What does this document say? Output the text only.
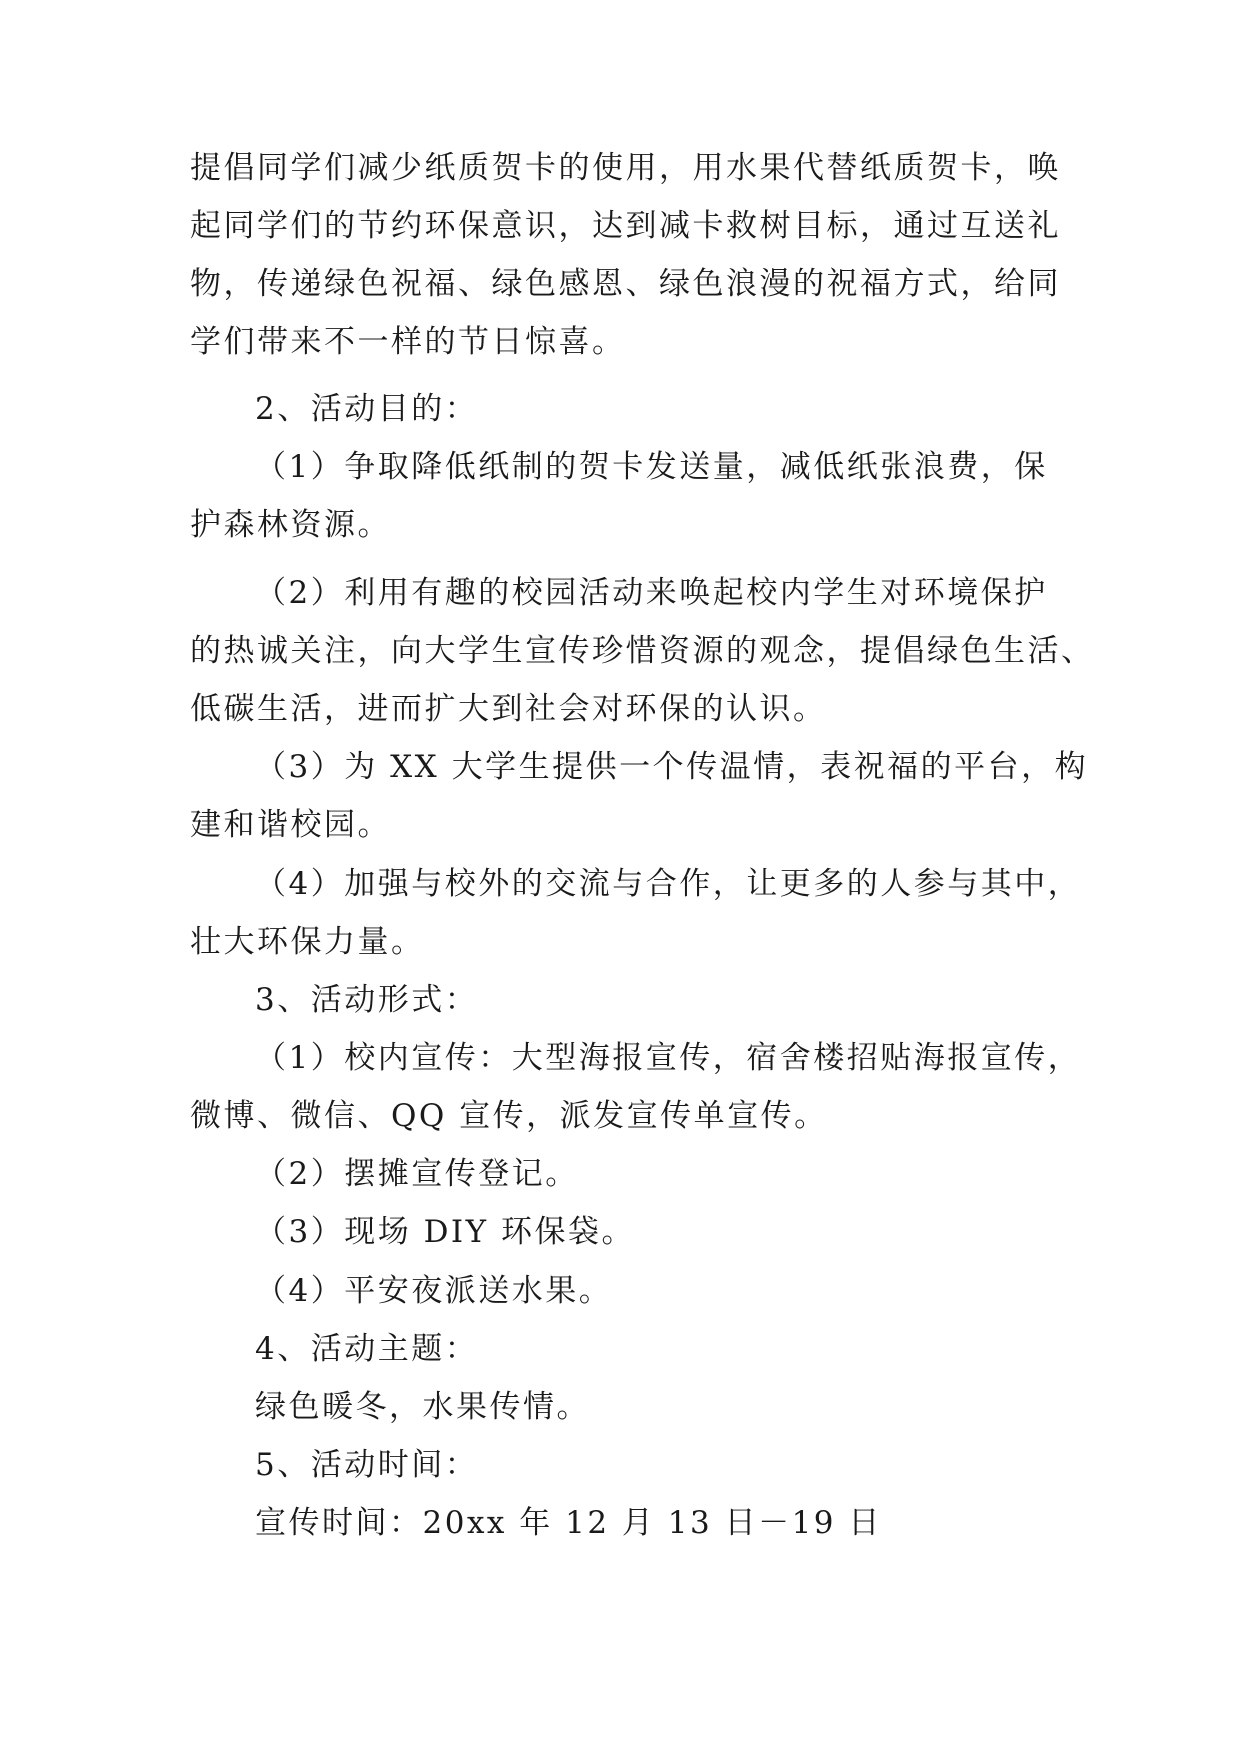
提倡同学们减少纸质贺卡的使用，用水果代替纸质贺卡，唤
起同学们的节约环保意识，达到减卡救树目标，通过互送礼
物，传递绿色祝福、绿色感恩、绿色浪漫的祝福方式，给同
学们带来不一样的节日惊喜。
2、活动目的：
（1）争取降低纸制的贺卡发送量，减低纸张浪费，保
护森林资源。
（2）利用有趣的校园活动来唤起校内学生对环境保护
的热诚关注，向大学生宣传珍惜资源的观念，提倡绿色生活、
低碳生活，进而扩大到社会对环保的认识。
（3）为 XX 大学生提供一个传温情，表祝福的平台，构
建和谐校园。
（4）加强与校外的交流与合作，让更多的人参与其中，
壮大环保力量。
3、活动形式：
（1）校内宣传：大型海报宣传，宿舍楼招贴海报宣传，
微博、微信、QQ 宣传，派发宣传单宣传。
（2）摆摊宣传登记。
（3）现场 DIY 环保袋。
（4）平安夜派送水果。
4、活动主题：
绿色暖冬，水果传情。
5、活动时间：
宣传时间：20xx 年 12 月 13 日－19 日
